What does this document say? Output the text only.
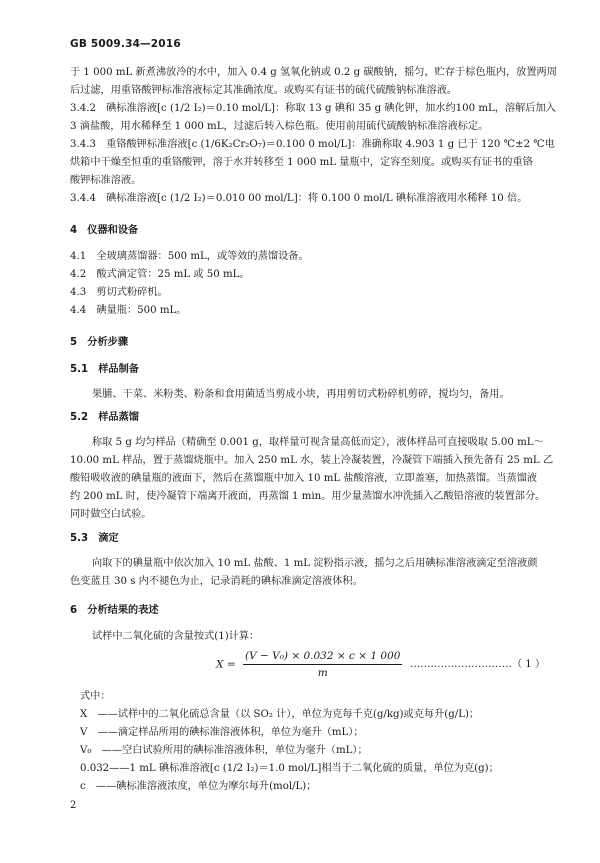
GB 5009.34—2016
于 1 000 mL 新煮沸放冷的水中，加入 0.4 g 氢氧化钠或 0.2 g 碳酸钠，摇匀，贮存于棕色瓶内，放置两周
后过滤，用重铬酸钾标准溶液标定其准确浓度。或购买有证书的硫代硫酸钠标准溶液。
3.4.2　碘标准溶液[c (1/2 I₂)＝0.10 mol/L]：称取 13 g 碘和 35 g 碘化钾，加水约100 mL，溶解后加入
3 滴盐酸，用水稀释至 1 000 mL，过滤后转入棕色瓶。使用前用硫代硫酸钠标准溶液标定。
3.4.3　重铬酸钾标准溶液[c (1/6K₂Cr₂O₇)＝0.100 0 mol/L]：准确称取 4.903 1 g 已于 120 ℃±2 ℃电
烘箱中干燥至恒重的重铬酸钾，溶于水并转移至 1 000 mL 量瓶中，定容至刻度。或购买有证书的重铬
酸钾标准溶液。
3.4.4　碘标准溶液[c (1/2 I₂)＝0.010 00 mol/L]：将 0.100 0 mol/L 碘标准溶液用水稀释 10 倍。
4　仪器和设备
4.1　全玻璃蒸馏器：500 mL，或等效的蒸馏设备。
4.2　酸式滴定管：25 mL 或 50 mL。
4.3　剪切式粉碎机。
4.4　碘量瓶：500 mL。
5　分析步骤
5.1　样品制备
果脯、干菜、米粉类、粉条和食用菌适当剪成小块，再用剪切式粉碎机剪碎，搅均匀，备用。
5.2　样品蒸馏
称取 5 g 均匀样品（精确至 0.001 g，取样量可视含量高低而定），液体样品可直接吸取 5.00 mL～
10.00 mL 样品，置于蒸馏烧瓶中。加入 250 mL 水，装上冷凝装置，冷凝管下端插入预先备有 25 mL 乙
酸铅吸收液的碘量瓶的液面下，然后在蒸馏瓶中加入 10 mL 盐酸溶液，立即盖塞，加热蒸馏。当蒸馏液
约 200 mL 时，使冷凝管下端离开液面，再蒸馏 1 min。用少量蒸馏水冲洗插入乙酸铅溶液的装置部分。
同时做空白试验。
5.3　滴定
向取下的碘量瓶中依次加入 10 mL 盐酸、1 mL 淀粉指示液，摇匀之后用碘标准溶液滴定至溶液颜
色变蓝且 30 s 内不褪色为止，记录消耗的碘标准滴定溶液体积。
6　分析结果的表述
试样中二氧化硫的含量按式(1)计算：
$X = \frac{\text{(V − V₀) × 0.032 × c × 1 000}}{m}$ …………………………（ 1 ）
式中：
X　——试样中的二氧化硫总含量（以 SO₂ 计），单位为克每千克(g/kg)或克每升(g/L)；
V　——滴定样品所用的碘标准溶液体积，单位为毫升（mL）；
V₀　——空白试验所用的碘标准溶液体积，单位为毫升（mL）；
0.032——1 mL 碘标准溶液[c (1/2 I₂)＝1.0 mol/L]相当于二氧化硫的质量，单位为克(g)；
c　——碘标准溶液浓度，单位为摩尔每升(mol/L)；
2
